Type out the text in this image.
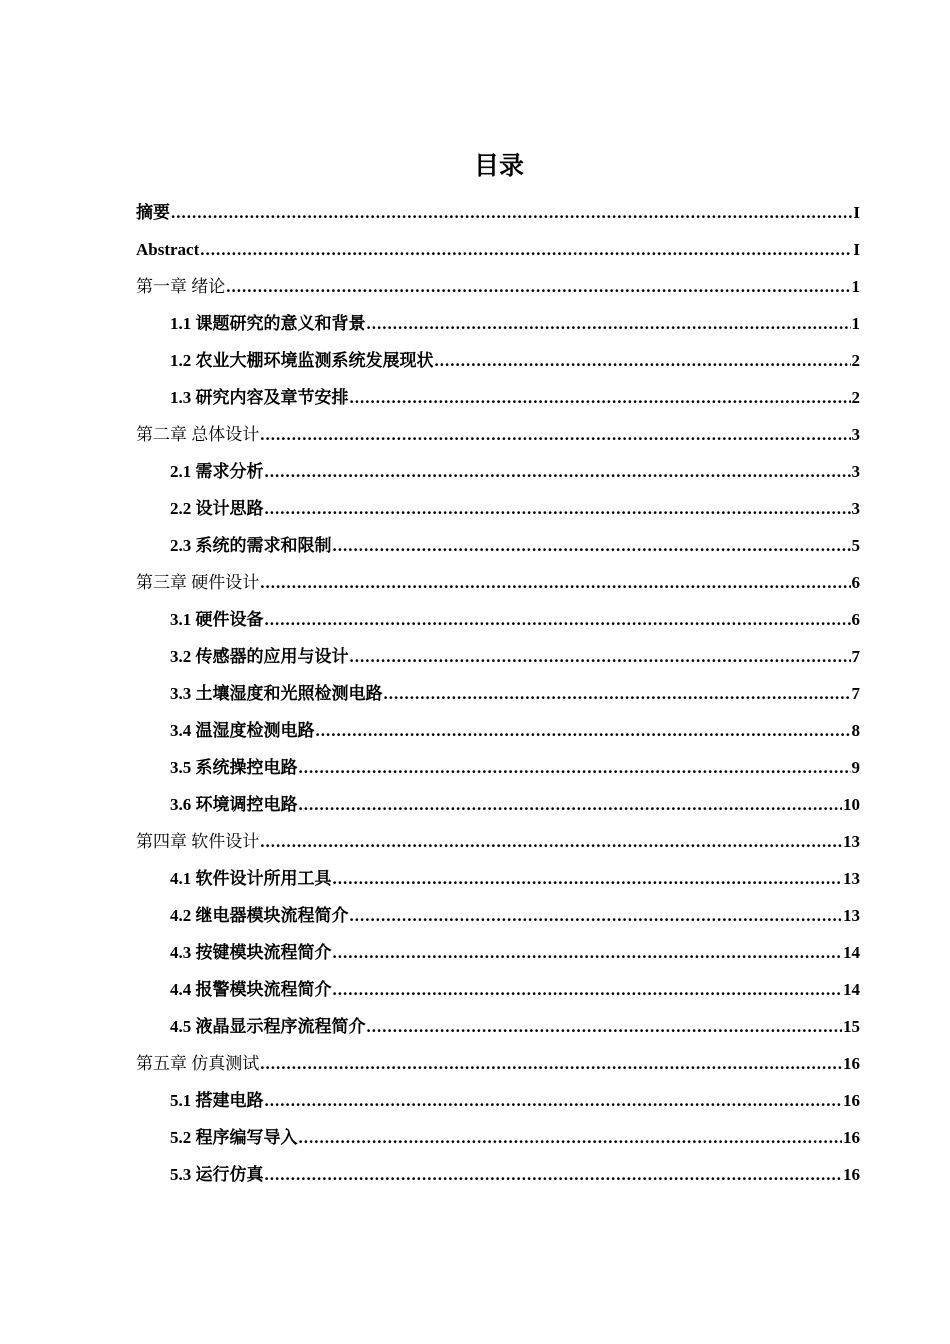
目录
摘要 .....	I
Abstract .....	I
第一章 绪论 .....	1
1.1 课题研究的意义和背景 .....	1
1.2 农业大棚环境监测系统发展现状 .....	2
1.3 研究内容及章节安排 .....	2
第二章 总体设计 .....	3
2.1 需求分析 .....	3
2.2 设计思路 .....	3
2.3 系统的需求和限制 .....	5
第三章 硬件设计 .....	6
3.1 硬件设备 .....	6
3.2 传感器的应用与设计 .....	7
3.3 土壤湿度和光照检测电路 .....	7
3.4 温湿度检测电路 .....	8
3.5 系统操控电路 .....	9
3.6 环境调控电路 .....	10
第四章 软件设计 .....	13
4.1 软件设计所用工具 .....	13
4.2 继电器模块流程简介 .....	13
4.3 按键模块流程简介 .....	14
4.4 报警模块流程简介 .....	14
4.5 液晶显示程序流程简介 .....	15
第五章 仿真测试 .....	16
5.1 搭建电路 .....	16
5.2 程序编写导入 .....	16
5.3 运行仿真 .....	16
